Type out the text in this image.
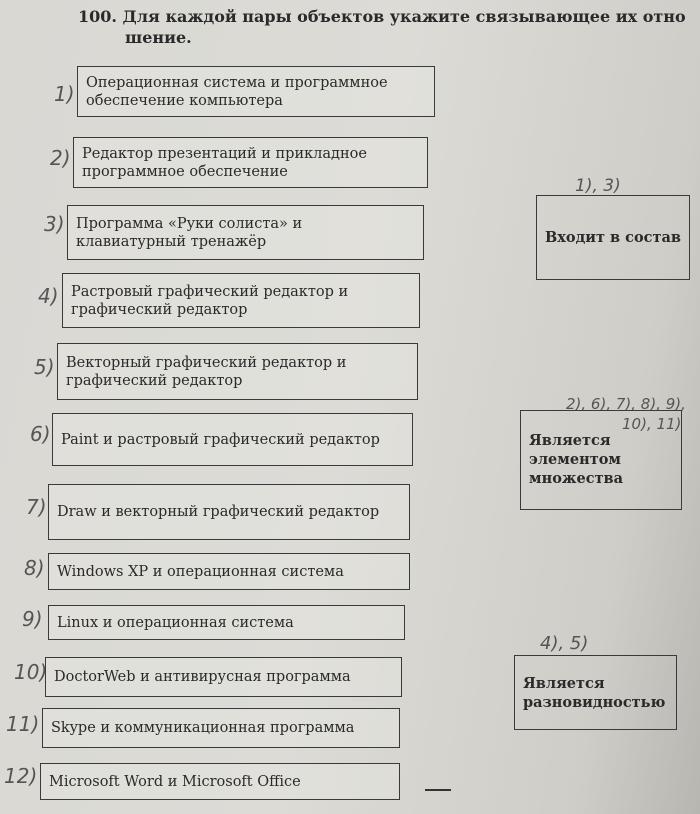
100. Для каждой пары объектов укажите связывающее их отно
шение.
1) Операционная система и программное обеспечение компьютера
2) Редактор презентаций и прикладное программное обеспечение
3) Программа «Руки солиста» и клавиатурный тренажёр
4) Растровый графический редактор и графический редактор
5) Векторный графический редактор и графический редактор
6) Paint и растровый графический редактор
7) Draw и векторный графический редактор
8) Windows XP и операционная система
9) Linux и операционная система
10) DoctorWeb и антивирусная программа
11) Skype и коммуникационная программа
12) Microsoft Word и Microsoft Office
1), 3)
Входит в состав
2), 6), 7), 8), 9),
10), 11)
Является элементом множества
4), 5)
Является разновидностью
